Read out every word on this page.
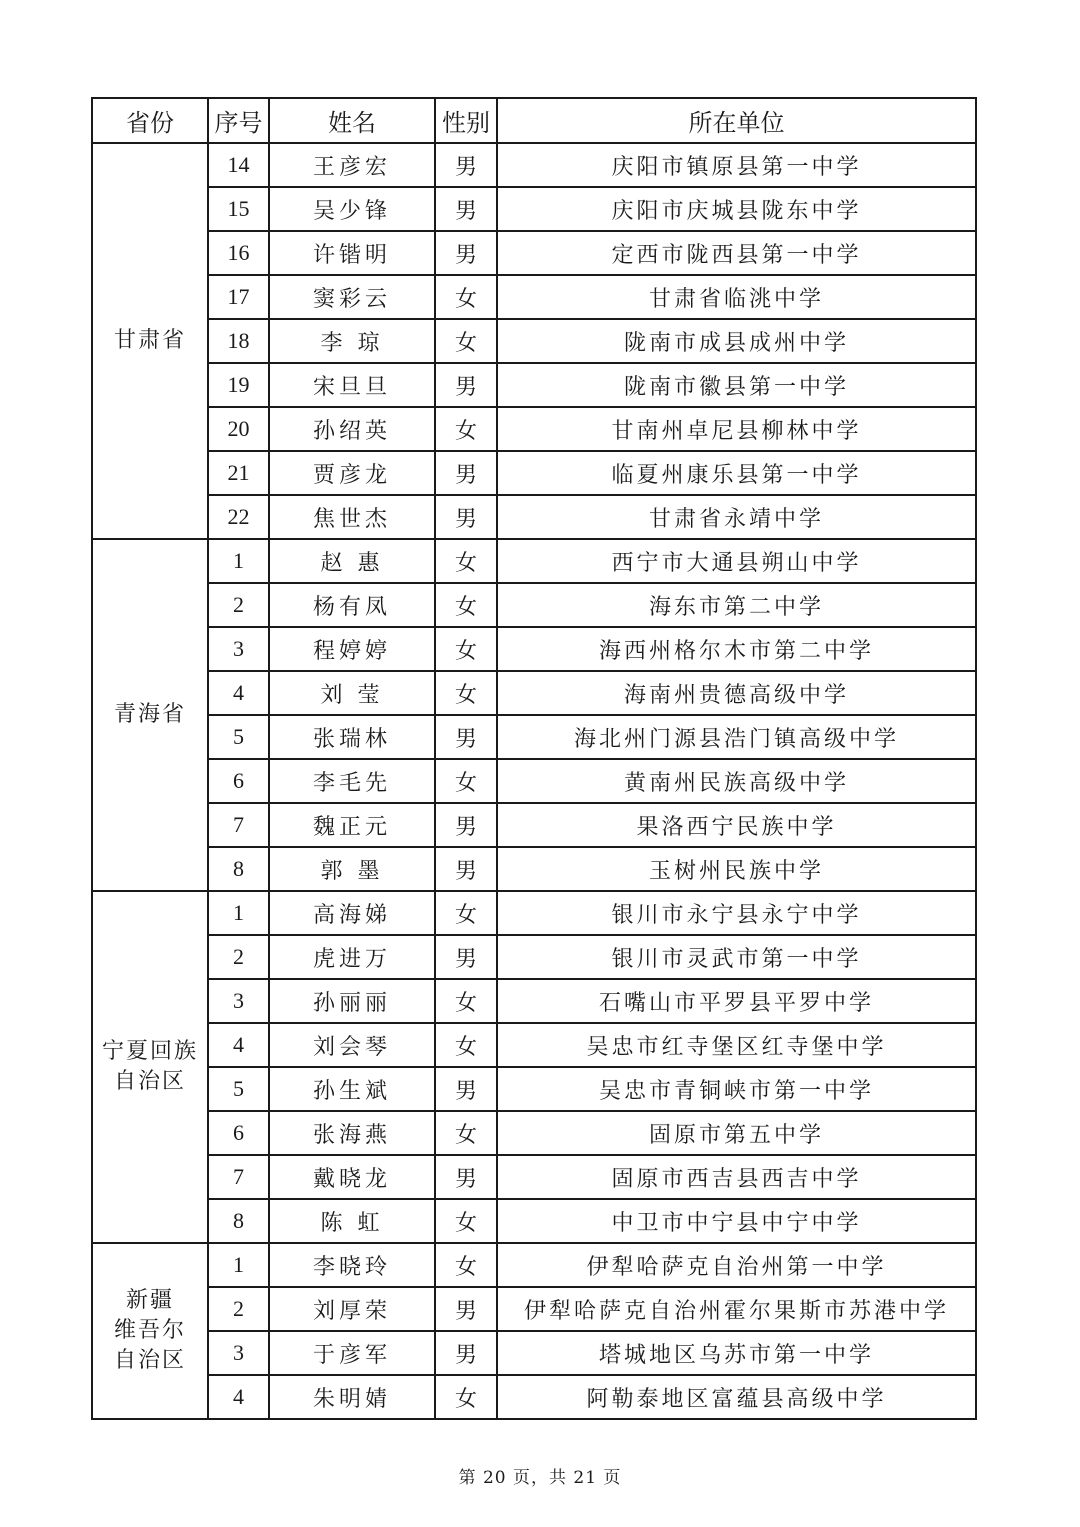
省份	序号	姓名	性别	所在单位
甘肃省	14	王彦宏	男	庆阳市镇原县第一中学
	15	吴少锋	男	庆阳市庆城县陇东中学
	16	许锴明	男	定西市陇西县第一中学
	17	窦彩云	女	甘肃省临洮中学
	18	李 琼	女	陇南市成县成州中学
	19	宋旦旦	男	陇南市徽县第一中学
	20	孙绍英	女	甘南州卓尼县柳林中学
	21	贾彦龙	男	临夏州康乐县第一中学
	22	焦世杰	男	甘肃省永靖中学
青海省	1	赵 惠	女	西宁市大通县朔山中学
	2	杨有凤	女	海东市第二中学
	3	程婷婷	女	海西州格尔木市第二中学
	4	刘 莹	女	海南州贵德高级中学
	5	张瑞林	男	海北州门源县浩门镇高级中学
	6	李毛先	女	黄南州民族高级中学
	7	魏正元	男	果洛西宁民族中学
	8	郭 墨	男	玉树州民族中学

宁夏回族
自治区	1	高海娣	女	银川市永宁县永宁中学
	2	虎进万	男	银川市灵武市第一中学
	3	孙丽丽	女	石嘴山市平罗县平罗中学
	4	刘会琴	女	吴忠市红寺堡区红寺堡中学
	5	孙生斌	男	吴忠市青铜峡市第一中学
	6	张海燕	女	固原市第五中学
	7	戴晓龙	男	固原市西吉县西吉中学
	8	陈 虹	女	中卫市中宁县中宁中学

新疆
维吾尔
自治区	1	李晓玲	女	伊犁哈萨克自治州第一中学
	2	刘厚荣	男	伊犁哈萨克自治州霍尔果斯市苏港中学
	3	于彦军	男	塔城地区乌苏市第一中学
	4	朱明婧	女	阿勒泰地区富蕴县高级中学
第 20 页，共 21 页
